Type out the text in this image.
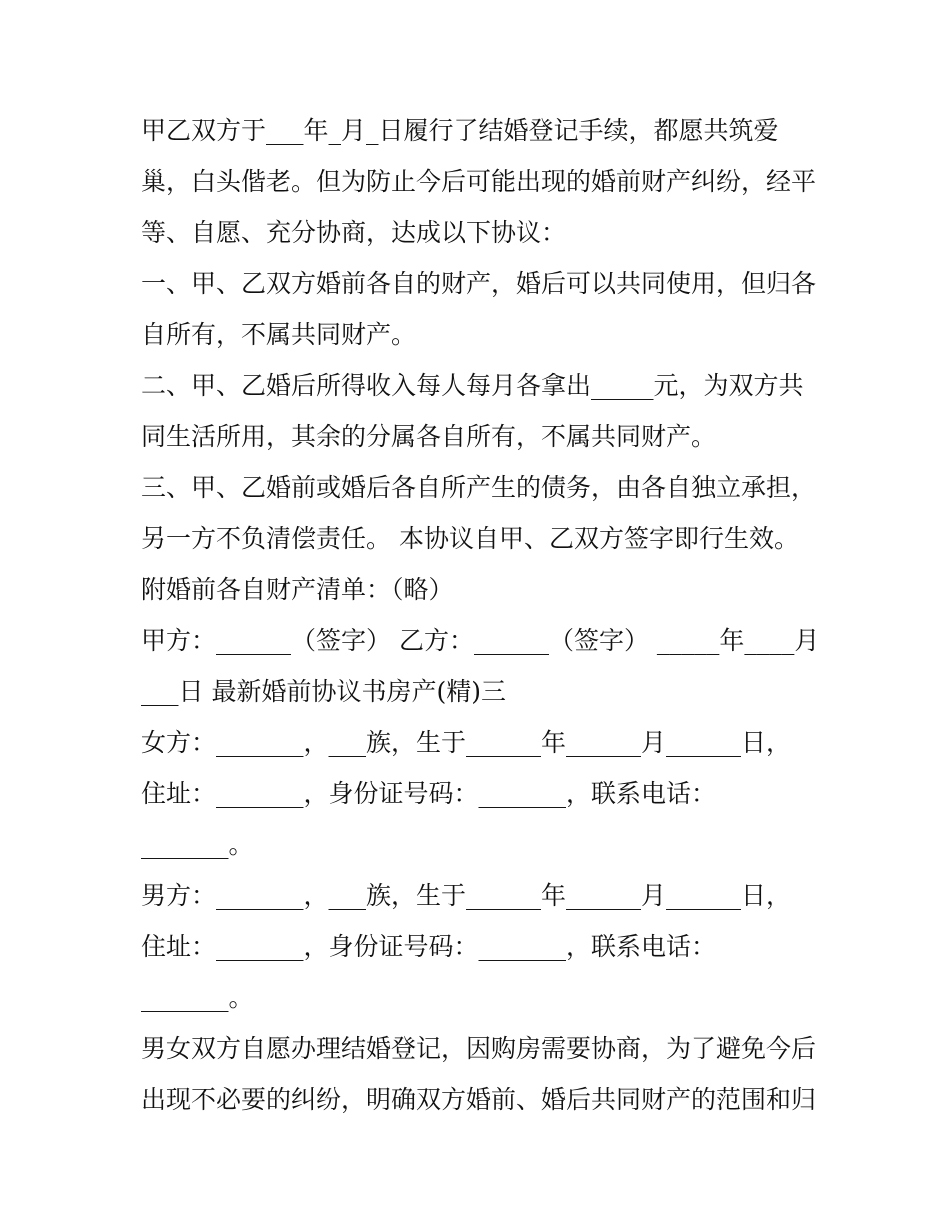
甲乙双方于___年_月_日履行了结婚登记手续，都愿共筑爱

巢，白头偕老。但为防止今后可能出现的婚前财产纠纷，经平

等、自愿、充分协商，达成以下协议：

一、甲、乙双方婚前各自的财产，婚后可以共同使用，但归各

自所有，不属共同财产。

二、甲、乙婚后所得收入每人每月各拿出_____元，为双方共

同生活所用，其余的分属各自所有，不属共同财产。

三、甲、乙婚前或婚后各自所产生的债务，由各自独立承担，

另一方不负清偿责任。 本协议自甲、乙双方签字即行生效。

附婚前各自财产清单：（略）

甲方：______（签字） 乙方：______（签字） _____年____月

___日 最新婚前协议书房产(精)三

女方：_______，___族，生于______年______月______日，

住址：_______，身份证号码：_______，联系电话：

_______。

男方：_______，___族，生于______年______月______日，

住址：_______，身份证号码：_______，联系电话：

_______。

男女双方自愿办理结婚登记，因购房需要协商，为了避免今后

出现不必要的纠纷，明确双方婚前、婚后共同财产的范围和归
